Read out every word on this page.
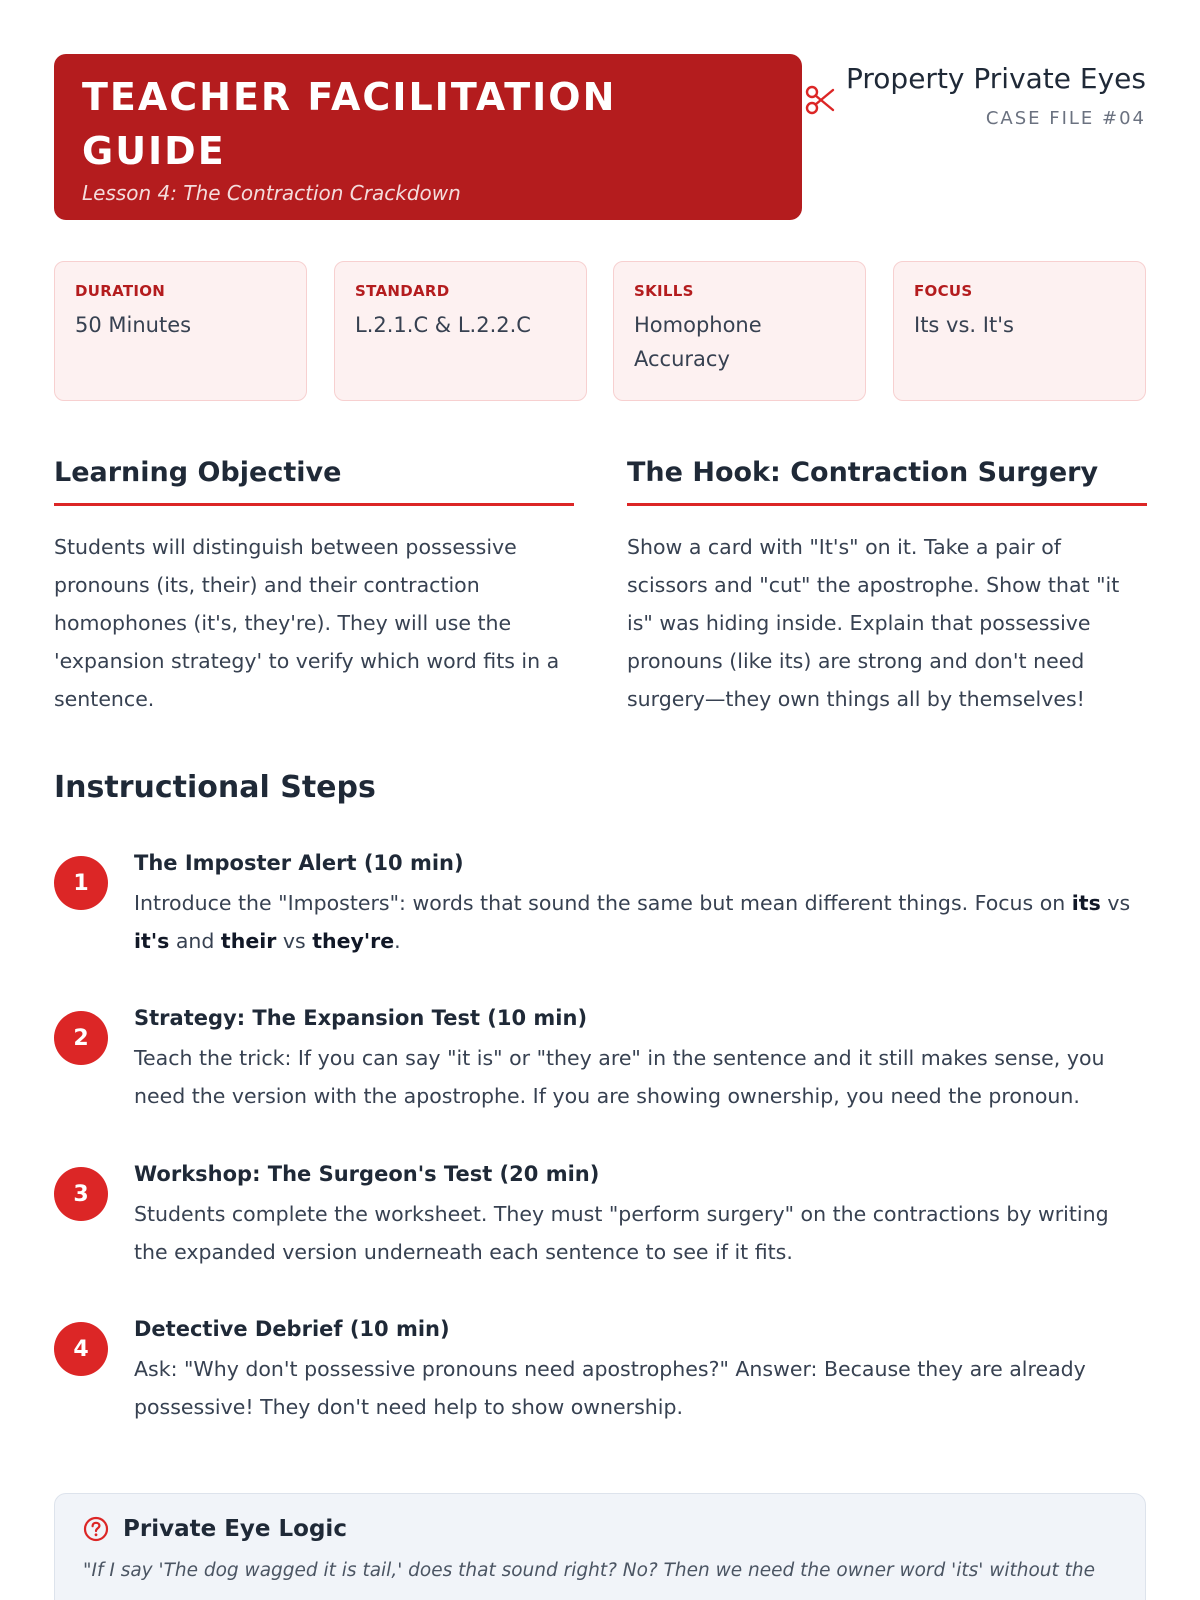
TEACHER FACILITATION GUIDE
Lesson 4: The Contraction Crackdown
Property Private Eyes
CASE FILE #04
DURATION
50 Minutes
STANDARD
L.2.1.C & L.2.2.C
SKILLS
Homophone Accuracy
FOCUS
Its vs. It's
Learning Objective
Students will distinguish between possessive pronouns (its, their) and their contraction homophones (it's, they're). They will use the 'expansion strategy' to verify which word fits in a sentence.
The Hook: Contraction Surgery
Show a card with "It's" on it. Take a pair of scissors and "cut" the apostrophe. Show that "it is" was hiding inside. Explain that possessive pronouns (like its) are strong and don't need surgery—they own things all by themselves!
Instructional Steps
1
The Imposter Alert (10 min)
Introduce the "Imposters": words that sound the same but mean different things. Focus on its vs it's and their vs they're.
2
Strategy: The Expansion Test (10 min)
Teach the trick: If you can say "it is" or "they are" in the sentence and it still makes sense, you need the version with the apostrophe. If you are showing ownership, you need the pronoun.
3
Workshop: The Surgeon's Test (20 min)
Students complete the worksheet. They must "perform surgery" on the contractions by writing the expanded version underneath each sentence to see if it fits.
4
Detective Debrief (10 min)
Ask: "Why don't possessive pronouns need apostrophes?" Answer: Because they are already possessive! They don't need help to show ownership.
Private Eye Logic
"If I say 'The dog wagged it is tail,' does that sound right? No? Then we need the owner word 'its' without the
